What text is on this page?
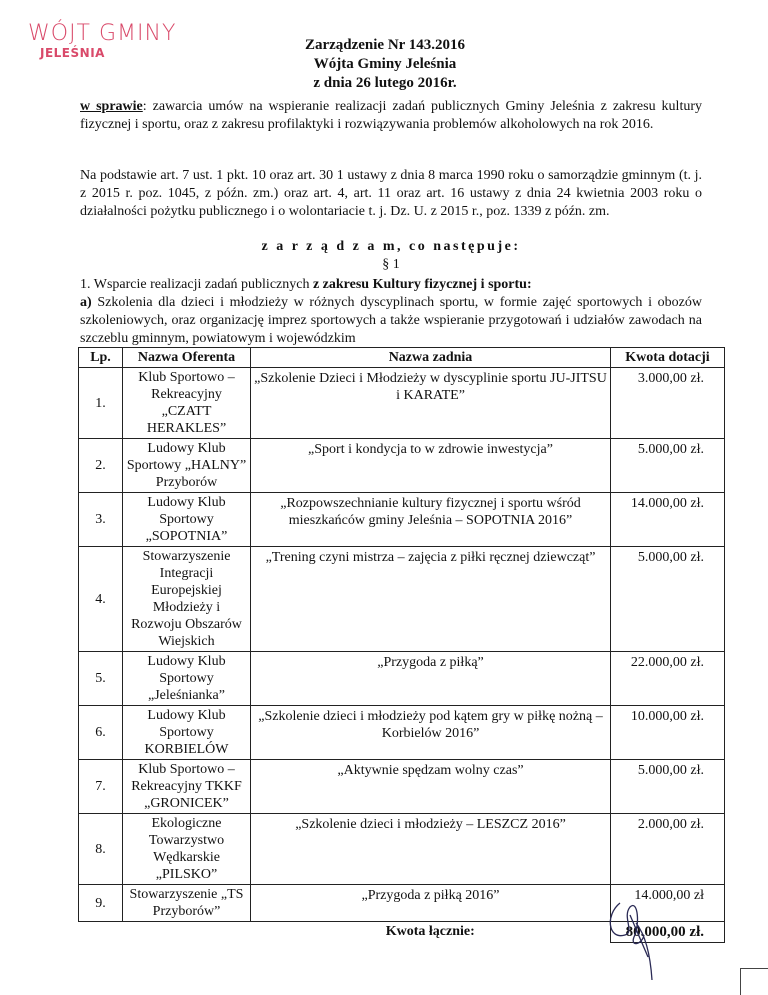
WÓJT GMINY
JELEŚNIA	Zarządzenie Nr 143.2016
Wójta Gminy Jeleśnia
z dnia 26 lutego 2016r.
w sprawie: zawarcia umów na wspieranie realizacji zadań publicznych Gminy Jeleśnia z zakresu kultury fizycznej i sportu, oraz z zakresu profilaktyki i rozwiązywania problemów alkoholowych na rok 2016.
Na podstawie art. 7 ust. 1 pkt. 10 oraz art. 30 1 ustawy z dnia 8 marca 1990 roku o samorządzie gminnym (t. j. z 2015 r. poz. 1045, z późn. zm.) oraz art. 4, art. 11 oraz art. 16 ustawy z dnia 24 kwietnia 2003 roku o działalności pożytku publicznego i o wolontariacie t. j. Dz. U. z 2015 r., poz. 1339 z późn. zm.
z a r z ą d z a m, co następuje:
§ 1
1. Wsparcie realizacji zadań publicznych z zakresu Kultury fizycznej i sportu:
a) Szkolenia dla dzieci i młodzieży w różnych dyscyplinach sportu, w formie zajęć sportowych i obozów szkoleniowych, oraz organizację imprez sportowych a także wspieranie przygotowań i udziałów zawodach na szczeblu gminnym, powiatowym i wojewódzkim
Lp.	Nazwa Oferenta	Nazwa zadnia	Kwota dotacji
1.	Klub Sportowo – Rekreacyjny „CZATT HERAKLES”	„Szkolenie Dzieci i Młodzieży w dyscyplinie sportu JU-JITSU i KARATE”	3.000,00 zł.
2.	Ludowy Klub Sportowy „HALNY” Przyborów	„Sport i kondycja to w zdrowie inwestycja”	5.000,00 zł.
3.	Ludowy Klub Sportowy „SOPOTNIA”	„Rozpowszechnianie kultury fizycznej i sportu wśród mieszkańców gminy Jeleśnia – SOPOTNIA 2016”	14.000,00 zł.
4.	Stowarzyszenie Integracji Europejskiej Młodzieży i Rozwoju Obszarów Wiejskich	„Trening czyni mistrza – zajęcia z piłki ręcznej dziewcząt”	5.000,00 zł.
5.	Ludowy Klub Sportowy „Jeleśnianka”	„Przygoda z piłką”	22.000,00 zł.
6.	Ludowy Klub Sportowy KORBIELÓW	„Szkolenie dzieci i młodzieży pod kątem gry w piłkę nożną – Korbielów 2016”	10.000,00 zł.
7.	Klub Sportowo – Rekreacyjny TKKF „GRONICEK”	„Aktywnie spędzam wolny czas”	5.000,00 zł.
8.	Ekologiczne Towarzystwo Wędkarskie „PILSKO”	„Szkolenie dzieci i młodzieży – LESZCZ 2016”	2.000,00 zł.
9.	Stowarzyszenie „TS Przyborów”	„Przygoda z piłką 2016”	14.000,00 zł
		Kwota łącznie:	80.000,00 zł.
